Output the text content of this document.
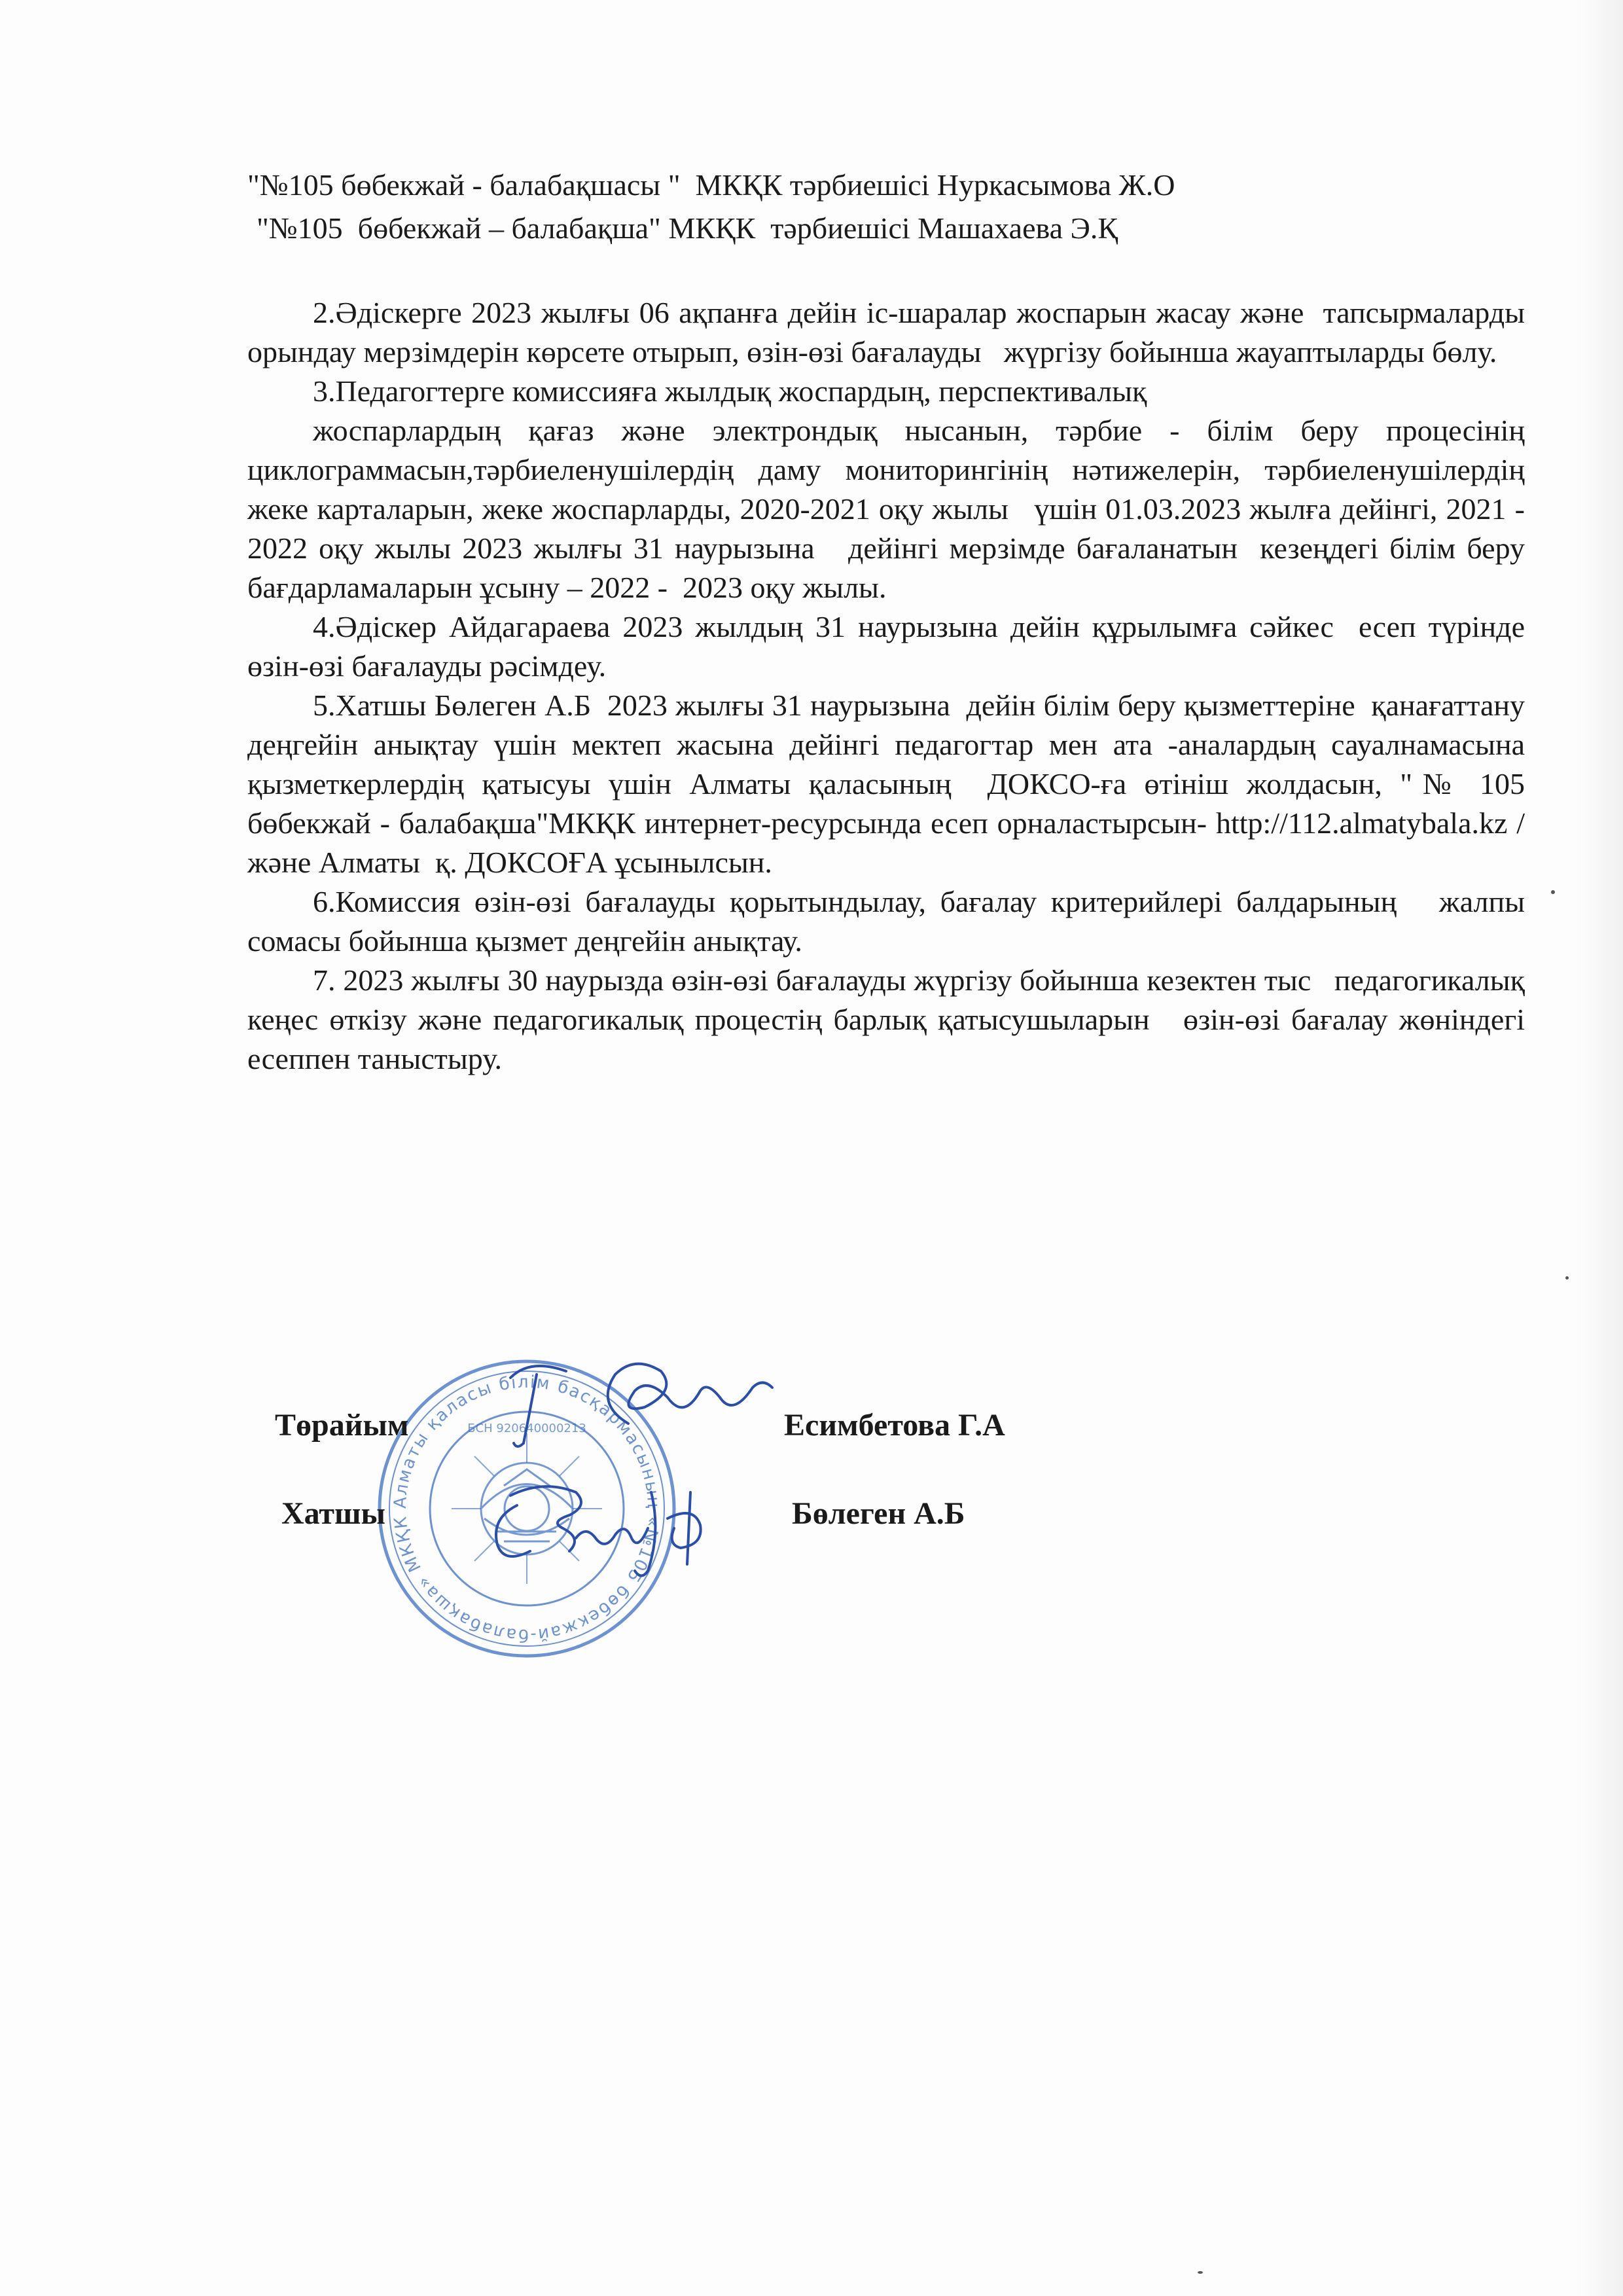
"№105 бөбекжай - балабақшасы "  МКҚК тәрбиешісі Нуркасымова Ж.О
"№105  бөбекжай – балабақша" МКҚК  тәрбиешісі Машахаева Э.Қ

2.Әдіскерге 2023 жылғы 06 ақпанға дейін іс-шаралар жоспарын жасау және  тапсырмаларды орындау мерзімдерін көрсете отырып, өзін-өзі бағалауды   жүргізу бойынша жауаптыларды бөлу.

3.Педагогтерге комиссияға жылдық жоспардың, перспективалық

жоспарлардың қағаз және электрондық нысанын, тәрбие - білім беру процесінің циклограммасын,тәрбиеленушілердің даму мониторингінің нәтижелерін, тәрбиеленушілердің жеке карталарын, жеке жоспарларды, 2020-2021 оқу жылы   үшін 01.03.2023 жылға дейінгі, 2021 - 2022 оқу жылы 2023 жылғы 31 наурызына   дейінгі мерзімде бағаланатын  кезеңдегі білім беру бағдарламаларын ұсыну – 2022 -  2023 оқу жылы.

4.Әдіскер Айдагараева 2023 жылдың 31 наурызына дейін құрылымға сәйкес  есеп түрінде өзін-өзі бағалауды рәсімдеу.

5.Хатшы Бөлеген А.Б  2023 жылғы 31 наурызына  дейін білім беру қызметтеріне  қанағаттану деңгейін анықтау үшін мектеп жасына дейінгі педагогтар мен ата -аналардың сауалнамасына қызметкерлердің қатысуы үшін Алматы қаласының  ДОКСО-ға өтініш жолдасын, "№ 105 бөбекжай - балабақша"МКҚК интернет-ресурсында есеп орналастырсын- http://112.almatybala.kz /және Алматы  қ. ДОКСОҒА ұсынылсын.

6.Комиссия өзін-өзі бағалауды қорытындылау, бағалау критерийлері балдарының   жалпы сомасы бойынша қызмет деңгейін анықтау.

7. 2023 жылғы 30 наурызда өзін-өзі бағалауды жүргізу бойынша кезектен тыс   педагогикалық кеңес өткізу және педагогикалық процестің барлық қатысушыларын   өзін-өзі бағалау жөніндегі есеппен таныстыру.

Алматы қаласы білім басқармасының «№105 бөбекжай-балабақша» МКҚК
БСН 920640000213
Төрайым	Есимбетова Г.А
Хатшы	Бөлеген А.Б
